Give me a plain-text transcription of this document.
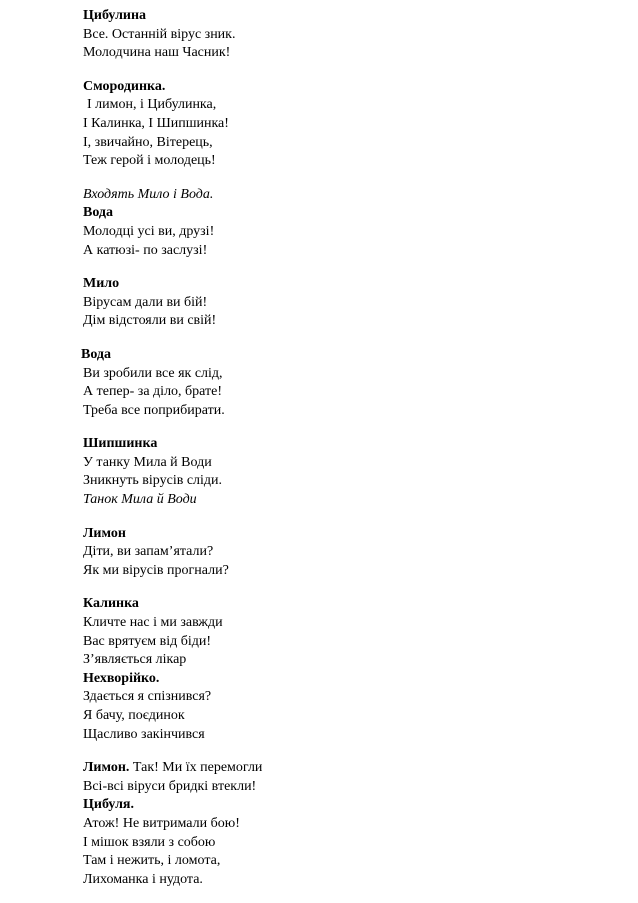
Цибулина
Все. Останній вірус зник.
Молодчина наш Часник!
Смородинка.
І лимон, і Цибулинка,
І Калинка, І Шипшинка!
І, звичайно, Вітерець,
Теж герой і молодець!
Входять Мило і Вода.
Вода
Молодці усі ви, друзі!
А катюзі- по заслузі!
Мило
Вірусам дали ви бій!
Дім відстояли ви свій!
Вода
Ви зробили все як слід,
А тепер- за діло, брате!
Треба все поприбирати.
Шипшинка
У танку Мила й Води
Зникнуть вірусів сліди.
Танок Мила й Води
Лимон
Діти, ви запам’ятали?
Як ми вірусів прогнали?
Калинка
Кличте нас і ми завжди
Вас врятуєм від біди!
З’являється лікар
Нехворійко.
Здається я спізнився?
Я бачу, поєдинок
Щасливо закінчився
Лимон. Так! Ми їх перемогли
Всі-всі віруси бридкі втекли!
Цибуля.
Атож! Не витримали бою!
І мішок взяли з собою
Там і нежить, і ломота,
Лихоманка і нудота.
